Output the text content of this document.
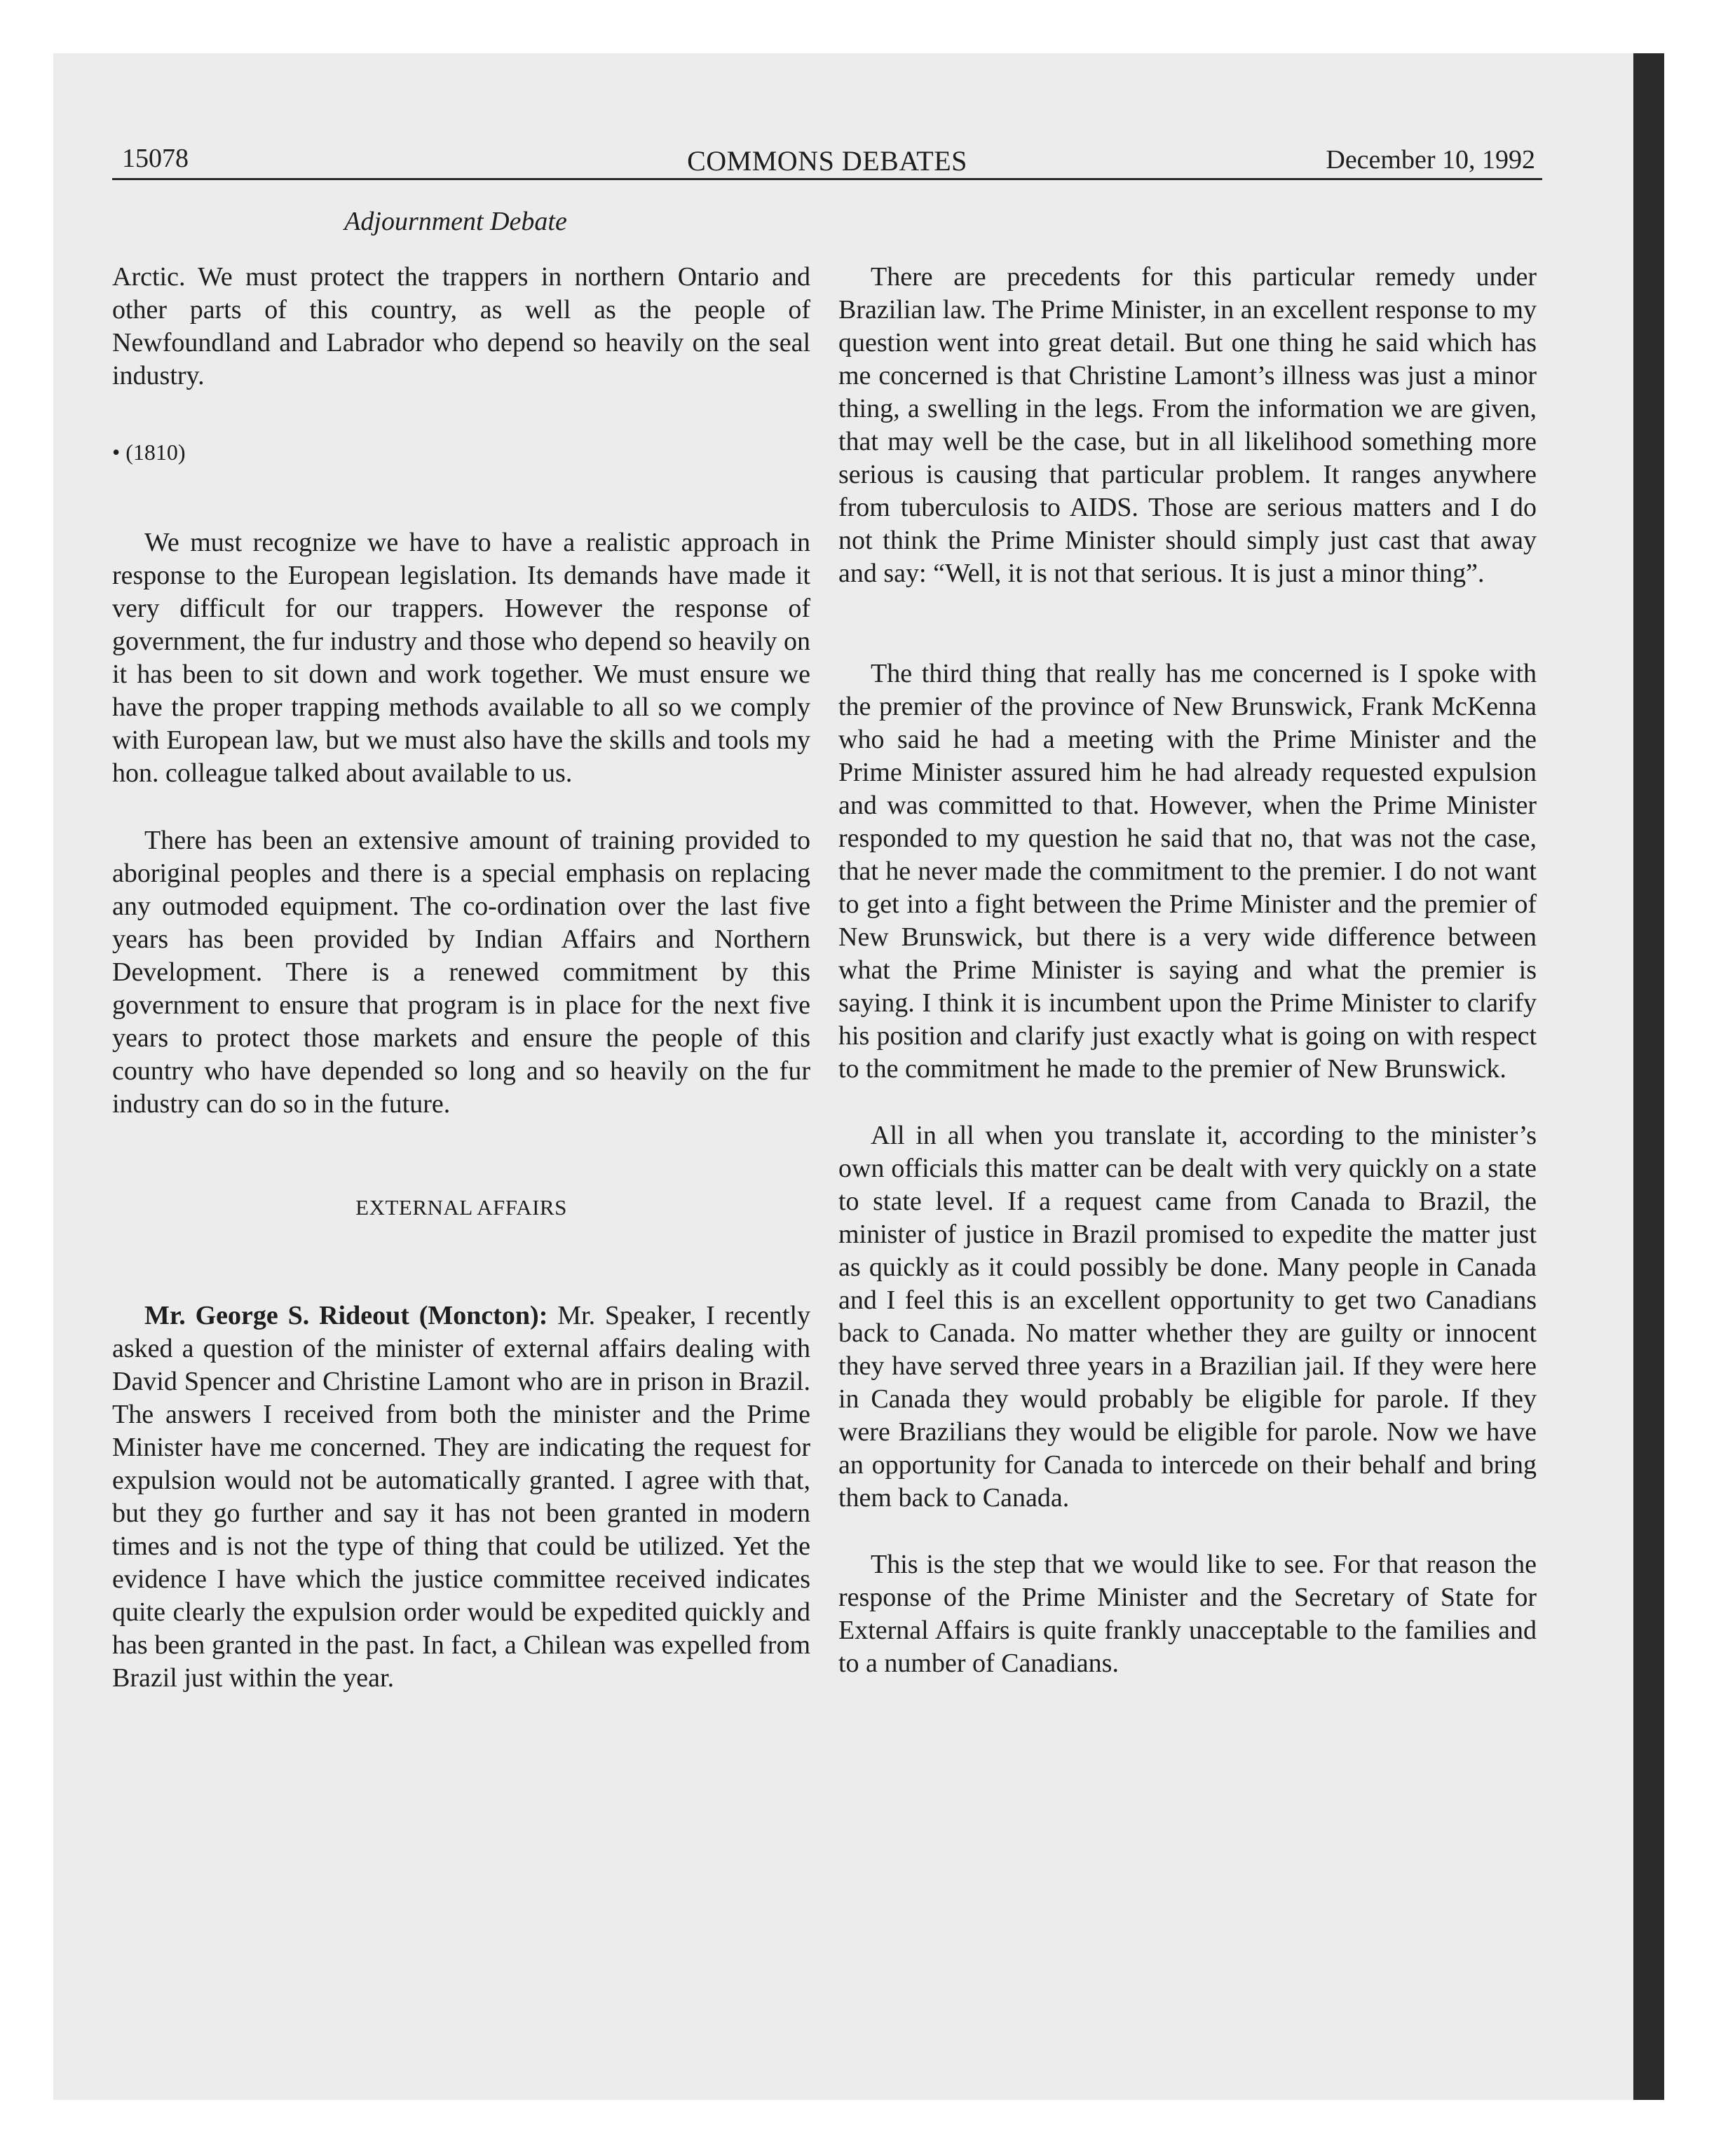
15078	COMMONS DEBATES	December 10, 1992
Adjournment Debate

Arctic. We must protect the trappers in northern Ontario and other parts of this country, as well as the people of Newfoundland and Labrador who depend so heavily on the seal industry.

• (1810)

We must recognize we have to have a realistic approach in response to the European legislation. Its demands have made it very difficult for our trappers. However the response of government, the fur industry and those who depend so heavily on it has been to sit down and work together. We must ensure we have the proper trapping methods available to all so we comply with European law, but we must also have the skills and tools my hon. colleague talked about available to us.

There has been an extensive amount of training provided to aboriginal peoples and there is a special emphasis on replacing any outmoded equipment. The co-ordination over the last five years has been provided by Indian Affairs and Northern Development. There is a renewed commitment by this government to ensure that program is in place for the next five years to protect those markets and ensure the people of this country who have depended so long and so heavily on the fur industry can do so in the future.

EXTERNAL AFFAIRS

Mr. George S. Rideout (Moncton): Mr. Speaker, I recently asked a question of the minister of external affairs dealing with David Spencer and Christine Lamont who are in prison in Brazil. The answers I received from both the minister and the Prime Minister have me concerned. They are indicating the request for expulsion would not be automatically granted. I agree with that, but they go further and say it has not been granted in modern times and is not the type of thing that could be utilized. Yet the evidence I have which the justice committee received indicates quite clearly the expulsion order would be expedited quickly and has been granted in the past. In fact, a Chilean was expelled from Brazil just within the year.

There are precedents for this particular remedy under Brazilian law. The Prime Minister, in an excellent response to my question went into great detail. But one thing he said which has me concerned is that Christine Lamont’s illness was just a minor thing, a swelling in the legs. From the information we are given, that may well be the case, but in all likelihood something more serious is causing that particular problem. It ranges anywhere from tuberculosis to AIDS. Those are serious matters and I do not think the Prime Minister should simply just cast that away and say: “Well, it is not that serious. It is just a minor thing”.

The third thing that really has me concerned is I spoke with the premier of the province of New Brunswick, Frank McKenna who said he had a meeting with the Prime Minister and the Prime Minister assured him he had already requested expulsion and was committed to that. However, when the Prime Minister responded to my question he said that no, that was not the case, that he never made the commitment to the premier. I do not want to get into a fight between the Prime Minister and the premier of New Brunswick, but there is a very wide difference between what the Prime Minister is saying and what the premier is saying. I think it is incumbent upon the Prime Minister to clarify his position and clarify just exactly what is going on with respect to the commitment he made to the premier of New Brunswick.

All in all when you translate it, according to the minister’s own officials this matter can be dealt with very quickly on a state to state level. If a request came from Canada to Brazil, the minister of justice in Brazil promised to expedite the matter just as quickly as it could possibly be done. Many people in Canada and I feel this is an excellent opportunity to get two Canadians back to Canada. No matter whether they are guilty or innocent they have served three years in a Brazilian jail. If they were here in Canada they would probably be eligible for parole. If they were Brazilians they would be eligible for parole. Now we have an opportunity for Canada to intercede on their behalf and bring them back to Canada.

This is the step that we would like to see. For that reason the response of the Prime Minister and the Secretary of State for External Affairs is quite frankly unacceptable to the families and to a number of Canadians.
